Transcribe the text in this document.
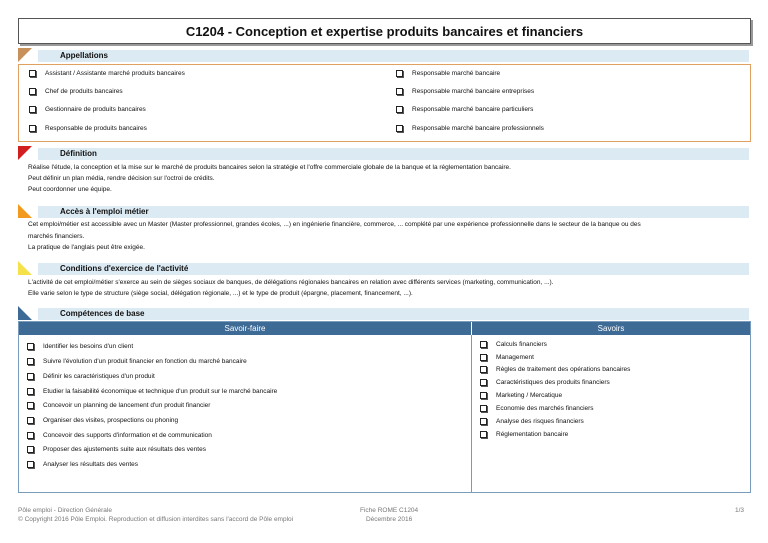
C1204 - Conception et expertise produits bancaires et financiers
Appellations
Assistant / Assistante marché produits bancaires
Chef de produits bancaires
Gestionnaire de produits bancaires
Responsable de produits bancaires
Responsable marché bancaire
Responsable marché bancaire entreprises
Responsable marché bancaire particuliers
Responsable marché bancaire professionnels
Définition
Réalise l'étude, la conception et la mise sur le marché de produits bancaires selon la stratégie et l'offre commerciale globale de la banque et la réglementation bancaire.
Peut définir un plan média, rendre décision sur l'octroi de crédits.
Peut coordonner une équipe.
Accès à l'emploi métier
Cet emploi/métier est accessible avec un Master (Master professionnel, grandes écoles, ...) en ingénierie financière, commerce, ... complété par une expérience professionnelle dans le secteur de la banque ou des
marchés financiers.
La pratique de l'anglais peut être exigée.
Conditions d'exercice de l'activité
L'activité de cet emploi/métier s'exerce au sein de sièges sociaux de banques, de délégations régionales bancaires en relation avec différents services (marketing, communication, ...).
Elle varie selon le type de structure (siège social, délégation régionale, ...) et le type de produit (épargne, placement, financement, ...).
Compétences de base
Savoir-faire	Savoirs
Identifier les besoins d'un client
Suivre l'évolution d'un produit financier en fonction du marché bancaire
Définir les caractéristiques d'un produit
Etudier la faisabilité économique et technique d'un produit sur le marché bancaire
Concevoir un planning de lancement d'un produit financier
Organiser des visites, prospections ou phoning
Concevoir des supports d'information et de communication
Proposer des ajustements suite aux résultats des ventes
Analyser les résultats des ventes
Calculs financiers
Management
Règles de traitement des opérations bancaires
Caractéristiques des produits financiers
Marketing / Mercatique
Economie des marchés financiers
Analyse des risques financiers
Réglementation bancaire
Pôle emploi - Direction Générale
© Copyright 2016 Pôle Emploi. Reproduction et diffusion interdites sans l'accord de Pôle emploi
Fiche ROME C1204
Décembre 2016
1/3
